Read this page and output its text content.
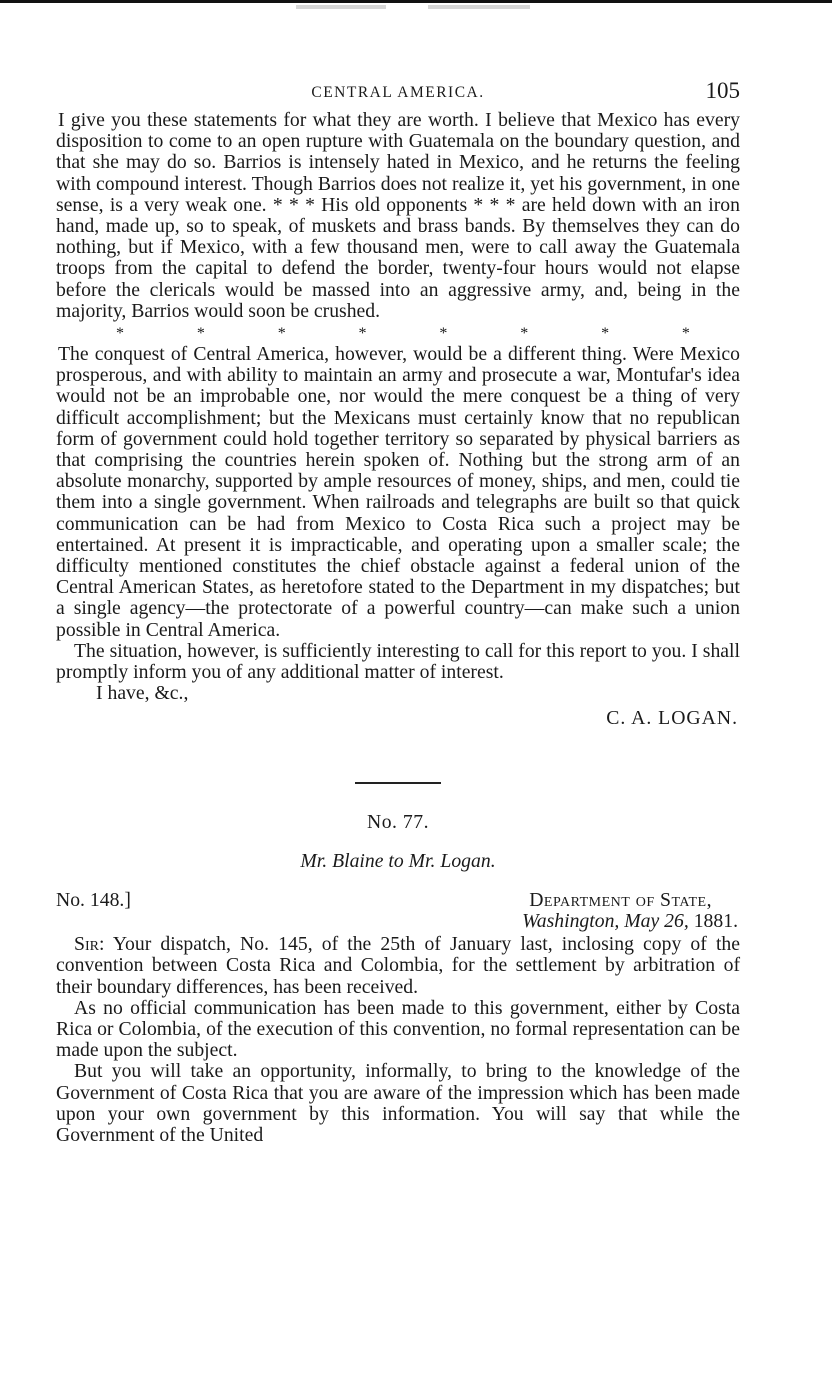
CENTRAL AMERICA.	105

I give you these statements for what they are worth. I believe that Mexico has every disposition to come to an open rupture with Guatemala on the boundary question, and that she may do so. Barrios is intensely hated in Mexico, and he returns the feeling with compound interest. Though Barrios does not realize it, yet his government, in one sense, is a very weak one. * * * His old opponents * * * are held down with an iron hand, made up, so to speak, of muskets and brass bands. By themselves they can do nothing, but if Mexico, with a few thousand men, were to call away the Guatemala troops from the capital to defend the border, twenty-four hours would not elapse before the clericals would be massed into an aggressive army, and, being in the majority, Barrios would soon be crushed.

*	*	*	*	*	*	*	*

The conquest of Central America, however, would be a different thing. Were Mexico prosperous, and with ability to maintain an army and prosecute a war, Montufar's idea would not be an improbable one, nor would the mere conquest be a thing of very difficult accomplishment; but the Mexicans must certainly know that no republican form of government could hold together territory so separated by physical barriers as that comprising the countries herein spoken of. Nothing but the strong arm of an absolute monarchy, supported by ample resources of money, ships, and men, could tie them into a single government. When railroads and telegraphs are built so that quick communication can be had from Mexico to Costa Rica such a project may be entertained. At present it is impracticable, and operating upon a smaller scale; the difficulty mentioned constitutes the chief obstacle against a federal union of the Central American States, as heretofore stated to the Department in my dispatches; but a single agency—the protectorate of a powerful country—can make such a union possible in Central America.

The situation, however, is sufficiently interesting to call for this report to you. I shall promptly inform you of any additional matter of interest.

I have, &c.,

C. A. LOGAN.

No. 77.

Mr. Blaine to Mr. Logan.

No. 148.]	Department of State,
Washington, May 26, 1881.

Sir: Your dispatch, No. 145, of the 25th of January last, inclosing copy of the convention between Costa Rica and Colombia, for the settlement by arbitration of their boundary differences, has been received.

As no official communication has been made to this government, either by Costa Rica or Colombia, of the execution of this convention, no formal representation can be made upon the subject.

But you will take an opportunity, informally, to bring to the knowledge of the Government of Costa Rica that you are aware of the impression which has been made upon your own government by this information. You will say that while the Government of the United
